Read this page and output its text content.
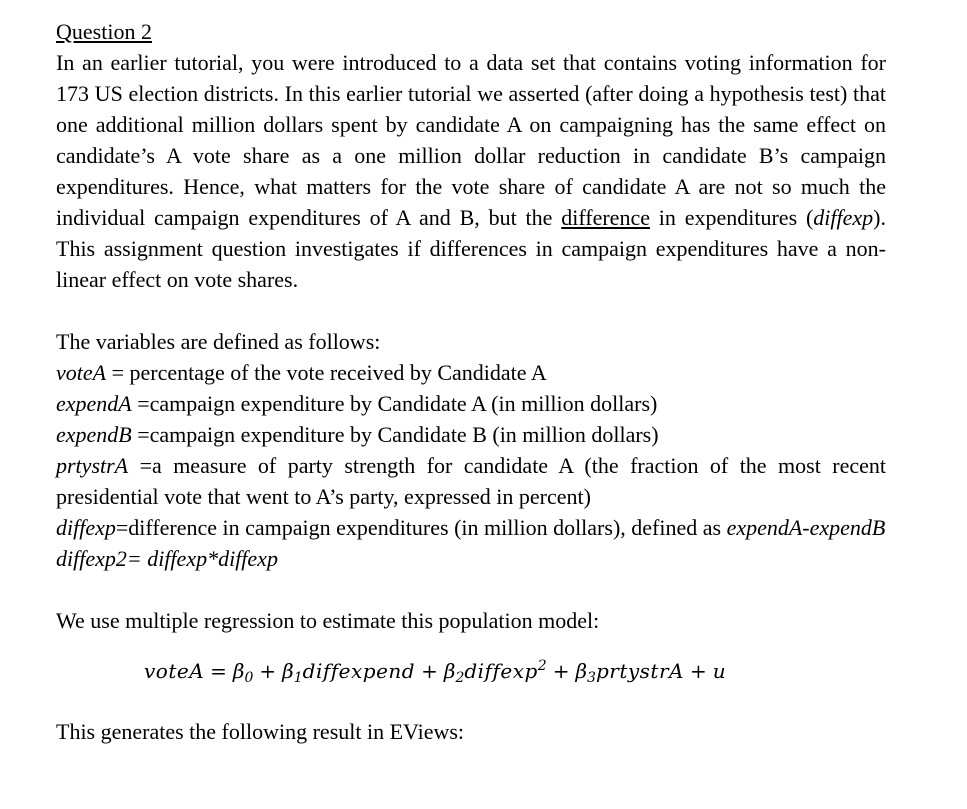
Question 2

In an earlier tutorial, you were introduced to a data set that contains voting information for 173 US election districts. In this earlier tutorial we asserted (after doing a hypothesis test) that one additional million dollars spent by candidate A on campaigning has the same effect on candidate’s A vote share as a one million dollar reduction in candidate B’s campaign expenditures. Hence, what matters for the vote share of candidate A are not so much the individual campaign expenditures of A and B, but the difference in expenditures (diffexp). This assignment question investigates if differences in campaign expenditures have a non-linear effect on vote shares.

The variables are defined as follows:

voteA = percentage of the vote received by Candidate A

expendA =campaign expenditure by Candidate A (in million dollars)

expendB =campaign expenditure by Candidate B (in million dollars)

prtystrA =a measure of party strength for candidate A (the fraction of the most recent presidential vote that went to A’s party, expressed in percent)

diffexp=difference in campaign expenditures (in million dollars), defined as expendA-expendB

diffexp2= diffexp*diffexp

We use multiple regression to estimate this population model:

voteA = $\beta_0$ + $\beta_1diffexpend$ + $\beta_2diffexp^2$ + $\beta_3prtystrA + u$

This generates the following result in EViews:
